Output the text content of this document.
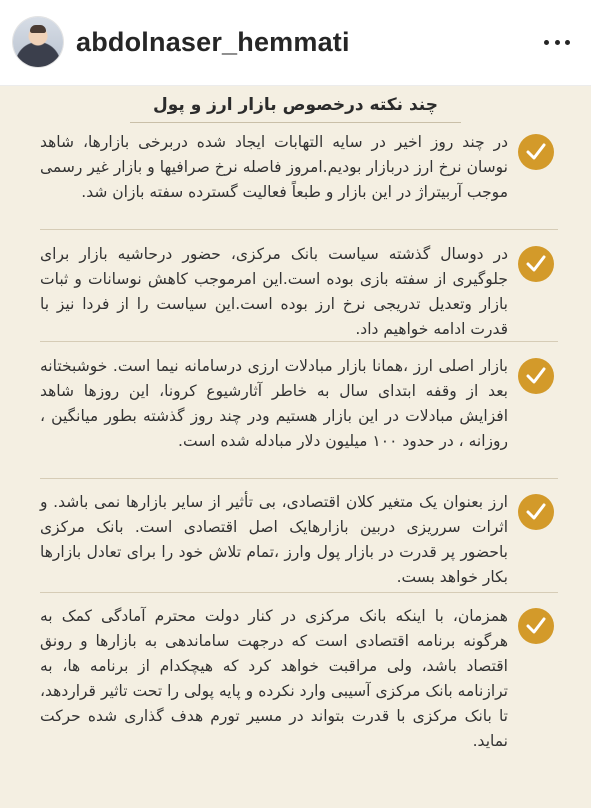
abdolnaser_hemmati
چند نکته درخصوص بازار ارز و پول
در چند روز اخیر در سایه التهابات ایجاد شده دربرخی بازارها، شاهد نوسان نرخ ارز دربازار بودیم.امروز فاصله نرخ صرافیها و بازار غیر رسمی موجب آربیتراژ در این بازار و طبعاً فعالیت گسترده سفته بازان شد.
در دوسال گذشته سیاست بانک مرکزی، حضور درحاشیه بازار برای جلوگیری از سفته بازی بوده است.این امرموجب کاهش نوسانات و ثبات بازار وتعدیل تدریجی نرخ ارز بوده است.این سیاست را از فردا نیز با قدرت ادامه خواهیم داد.
بازار اصلی ارز ،همانا بازار مبادلات ارزی درسامانه نیما است. خوشبختانه بعد از وقفه ابتدای سال به خاطر آثارشیوع کرونا، این روزها شاهد افزایش مبادلات در این بازار هستیم ودر چند روز گذشته بطور میانگین ، روزانه ، در حدود ۱۰۰ میلیون دلار مبادله شده است.
ارز بعنوان یک متغیر کلان اقتصادی، بی تأثیر از سایر بازارها نمی باشد. و اثرات سرریزی دربین بازارهایک اصل اقتصادی است. بانک مرکزی باحضور پر قدرت در بازار پول وارز ،تمام تلاش خود را برای تعادل بازارها بکار خواهد بست.
همزمان، با اینکه بانک مرکزی در کنار دولت محترم آمادگی کمک به هرگونه برنامه اقتصادی است که درجهت ساماندهی به بازارها و رونق اقتصاد باشد، ولی مراقبت خواهد کرد که هیچکدام از برنامه ها، به ترازنامه بانک مرکزی آسیبی وارد نکرده و پایه پولی را تحت تاثیر قراردهد، تا بانک مرکزی با قدرت بتواند در مسیر تورم هدف گذاری شده حرکت نماید.
